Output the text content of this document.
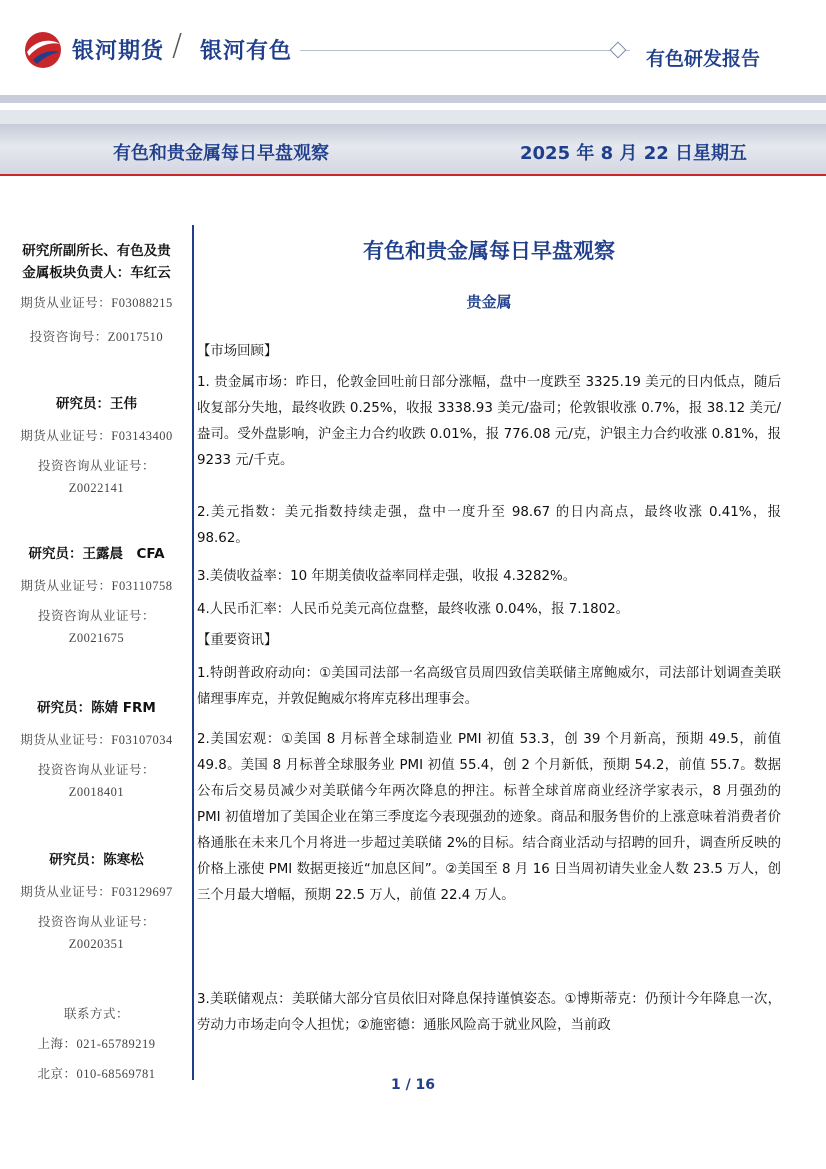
银河期货 / 银河有色	有色研发报告
有色和贵金属每日早盘观察	2025 年 8 月 22 日星期五
研究所副所长、有色及贵
金属板块负责人：车红云
期货从业证号：F03088215
投资咨询号：Z0017510
研究员：王伟
期货从业证号：F03143400
投资咨询从业证号：
Z0022141
研究员：王露晨　CFA
期货从业证号：F03110758
投资咨询从业证号：
Z0021675
研究员：陈婧 FRM
期货从业证号：F03107034
投资咨询从业证号：
Z0018401
研究员：陈寒松
期货从业证号：F03129697
投资咨询从业证号：
Z0020351
联系方式：
上海：021-65789219
北京：010-68569781
有色和贵金属每日早盘观察
贵金属
【市场回顾】
1. 贵金属市场：昨日，伦敦金回吐前日部分涨幅，盘中一度跌至 3325.19 美元的日内低点，随后收复部分失地，最终收跌 0.25%，收报 3338.93 美元/盎司；伦敦银收涨 0.7%，报 38.12 美元/盎司。受外盘影响，沪金主力合约收跌 0.01%，报 776.08 元/克，沪银主力合约收涨 0.81%，报 9233 元/千克。
2.美元指数：美元指数持续走强，盘中一度升至 98.67 的日内高点，最终收涨 0.41%，报 98.62。
3.美债收益率：10 年期美债收益率同样走强，收报 4.3282%。
4.人民币汇率：人民币兑美元高位盘整，最终收涨 0.04%，报 7.1802。
【重要资讯】
1.特朗普政府动向：①美国司法部一名高级官员周四致信美联储主席鲍威尔，司法部计划调查美联储理事库克，并敦促鲍威尔将库克移出理事会。
2.美国宏观：①美国 8 月标普全球制造业 PMI 初值 53.3，创 39 个月新高，预期 49.5，前值 49.8。美国 8 月标普全球服务业 PMI 初值 55.4，创 2 个月新低，预期 54.2，前值 55.7。数据公布后交易员减少对美联储今年两次降息的押注。标普全球首席商业经济学家表示，8 月强劲的 PMI 初值增加了美国企业在第三季度迄今表现强劲的迹象。商品和服务售价的上涨意味着消费者价格通胀在未来几个月将进一步超过美联储 2%的目标。结合商业活动与招聘的回升，调查所反映的价格上涨使 PMI 数据更接近“加息区间”。②美国至 8 月 16 日当周初请失业金人数 23.5 万人，创三个月最大增幅，预期 22.5 万人，前值 22.4 万人。
3.美联储观点：美联储大部分官员依旧对降息保持谨慎姿态。①博斯蒂克：仍预计今年降息一次，劳动力市场走向令人担忧；②施密德：通胀风险高于就业风险，当前政
1 / 16
